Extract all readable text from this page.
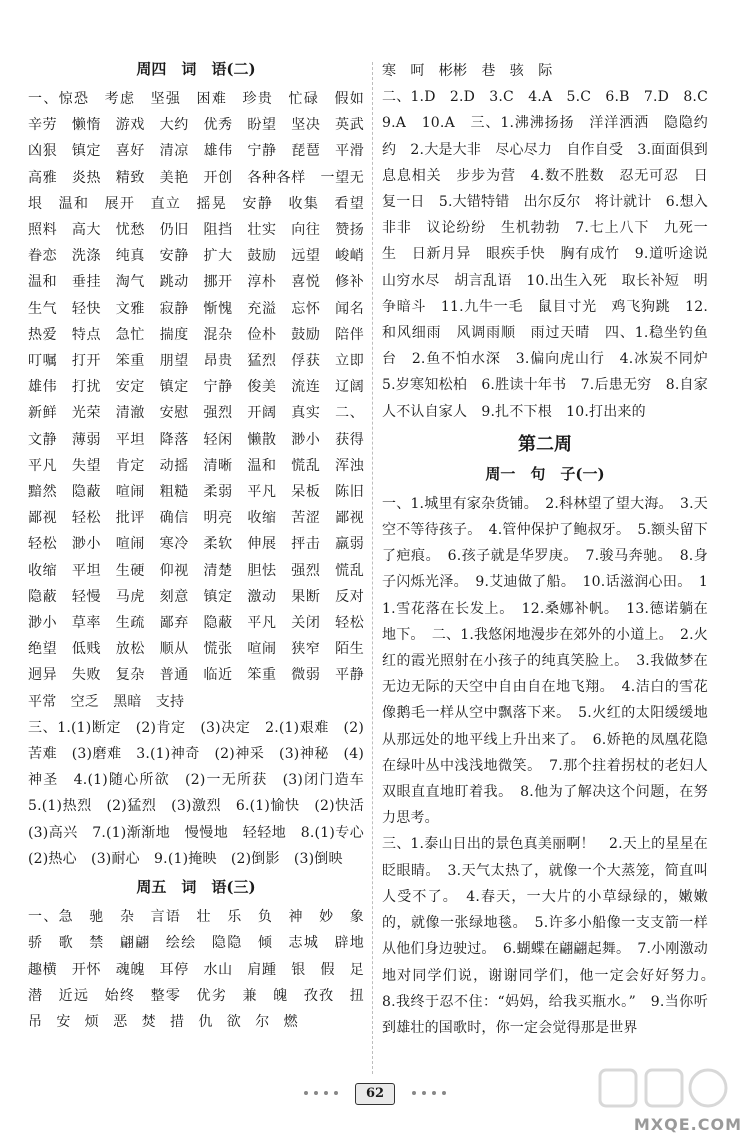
周四　词　语(二)

一、惊恐　考虑　坚强　困难　珍贵　忙碌　假如　辛劳　懒惰　游戏　大约　优秀　盼望　坚决　英武　凶狠　镇定　喜好　清凉　雄伟　宁静　琵琶　平滑　高雅　炎热　精致　美艳　开创　各种各样　一望无垠　温和　展开　直立　摇晃　安静　收集　看望　照料　高大　忧愁　仍旧　阻挡　壮实　向往　赞扬　眷恋　洗涤　纯真　安静　扩大　鼓励　远望　峻峭　温和　垂挂　淘气　跳动　挪开　淳朴　喜悦　修补　生气　轻快　文雅　寂静　惭愧　充溢　忘怀　闻名　热爱　特点　急忙　揣度　混杂　俭朴　鼓励　陪伴　叮嘱　打开　笨重　朋望　昂贵　猛烈　俘获　立即　雄伟　打扰　安定　镇定　宁静　俊美　流连　辽阔　新鲜　光荣　清澈　安慰　强烈　开阔　真实　二、文静　薄弱　平坦　降落　轻闲　懒散　渺小　获得　平凡　失望　肯定　动摇　清晰　温和　慌乱　浑浊　黯然　隐蔽　喧闹　粗糙　柔弱　平凡　呆板　陈旧　鄙视　轻松　批评　确信　明亮　收缩　苦涩　鄙视　轻松　渺小　喧闹　寒冷　柔软　伸展　抨击　羸弱　收缩　平坦　生硬　仰视　清楚　胆怯　强烈　慌乱　隐蔽　轻慢　马虎　刻意　镇定　激动　果断　反对　渺小　草率　生疏　鄙弃　隐蔽　平凡　关闭　轻松　绝望　低贱　放松　顺从　慌张　喧闹　狭窄　陌生　迥异　失败　复杂　普通　临近　笨重　微弱　平静　平常　空乏　黑暗　支持

三、1.(1)断定　(2)肯定　(3)决定　2.(1)艰难　(2)苦难　(3)磨难　3.(1)神奇　(2)神采　(3)神秘　(4)神圣　4.(1)随心所欲　(2)一无所获　(3)闭门造车　5.(1)热烈　(2)猛烈　(3)激烈　6.(1)愉快　(2)快活　(3)高兴　7.(1)渐渐地　慢慢地　轻轻地　8.(1)专心　(2)热心　(3)耐心　9.(1)掩映　(2)倒影　(3)倒映

周五　词　语(三)

一、急　驰　杂　言语　壮　乐　负　神　妙　象　骄　歌　禁　翩翩　绘绘　隐隐　倾　志城　辟地　趣横　开怀　魂魄　耳停　水山　肩踵　银　假　足　潜　近远　始终　整零　优劣　兼　魄　孜孜　扭　吊　安　烦　恶　焚　措　仇　欲　尔　燃

寒　呵　彬彬　巷　骇　际

二、1.D　2.D　3.C　4.A　5.C　6.B　7.D　8.C　9.A　10.A　三、1.沸沸扬扬　洋洋洒洒　隐隐约约　2.大是大非　尽心尽力　自作自受　3.面面俱到　息息相关　步步为营　4.数不胜数　忍无可忍　日复一日　5.大错特错　出尔反尔　将计就计　6.想入非非　议论纷纷　生机勃勃　7.七上八下　九死一生　日新月异　眼疾手快　胸有成竹　9.道听途说　山穷水尽　胡言乱语　10.出生入死　取长补短　明争暗斗　11.九牛一毛　鼠目寸光　鸡飞狗跳　12.和风细雨　风调雨顺　雨过天晴　四、1.稳坐钓鱼台　2.鱼不怕水深　3.偏向虎山行　4.冰炭不同炉　5.岁寒知松柏　6.胜读十年书　7.后患无穷　8.自家人不认自家人　9.扎不下根　10.打出来的

第二周
周一　句　子(一)

一、1.城里有家杂货铺。　2.科林望了望大海。　3.天空不等待孩子。　4.管仲保护了鲍叔牙。　5.额头留下了疤痕。　6.孩子就是华罗庚。　7.骏马奔驰。　8.身子闪烁光泽。　9.艾迪做了船。　10.话滋润心田。　11.雪花落在长发上。　12.桑娜补帆。　13.德诺躺在地下。　二、1.我悠闲地漫步在郊外的小道上。　2.火红的霞光照射在小孩子的纯真笑脸上。　3.我做梦在无边无际的天空中自由自在地飞翔。　4.洁白的雪花像鹅毛一样从空中飘落下来。　5.火红的太阳缓缓地从那远处的地平线上升出来了。　6.娇艳的凤凰花隐在绿叶丛中浅浅地微笑。　7.那个拄着拐杖的老妇人双眼直直地盯着我。　8.他为了解决这个问题，在努力思考。

三、1.泰山日出的景色真美丽啊！　2.天上的星星在眨眼睛。　3.天气太热了，就像一个大蒸笼，简直叫人受不了。　4.春天，一大片的小草绿绿的，嫩嫩的，就像一张绿地毯。　5.许多小船像一支支箭一样从他们身边驶过。　6.蝴蝶在翩翩起舞。　7.小刚激动地对同学们说，谢谢同学们，他一定会好好努力。　8.我终于忍不住：“妈妈，给我买瓶水。”　9.当你听到雄壮的国歌时，你一定会觉得那是世界

62
MXQE.COM
